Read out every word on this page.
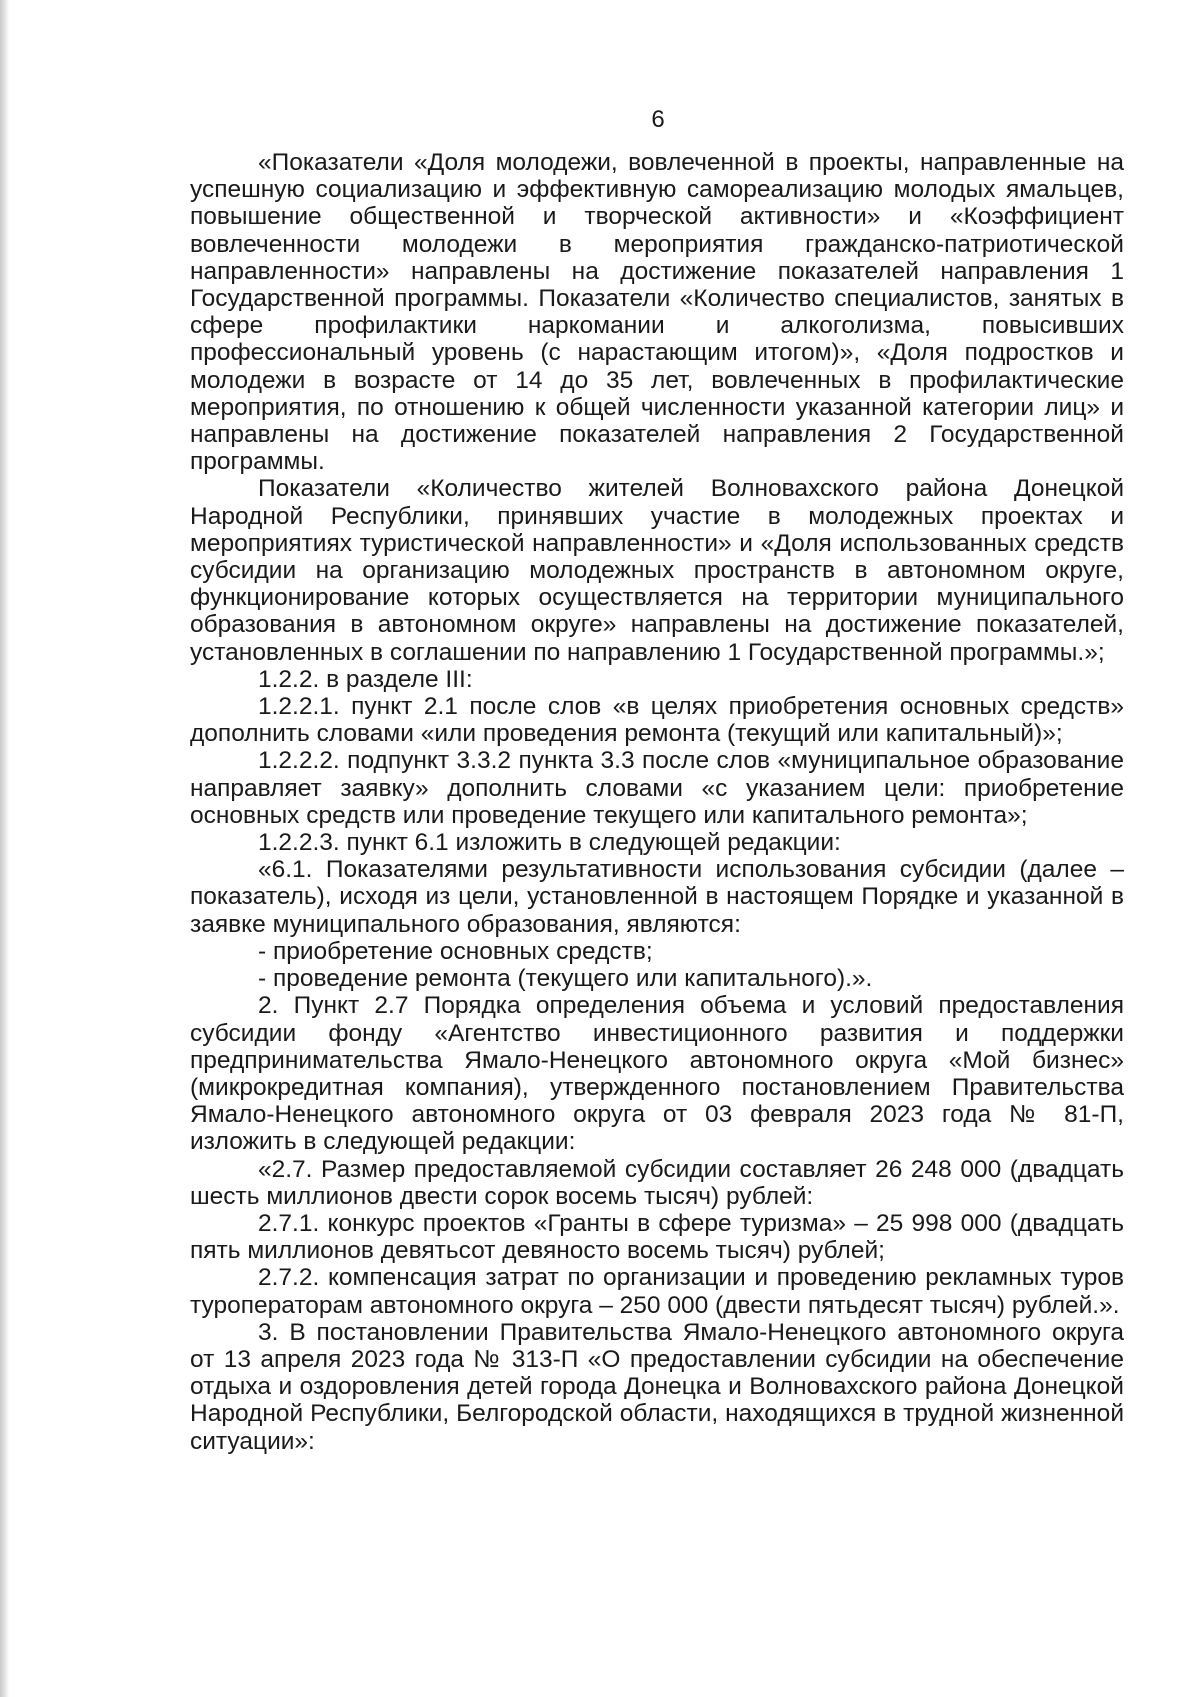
6

«Показатели «Доля молодежи, вовлеченной в проекты, направленные на успешную социализацию и эффективную самореализацию молодых ямальцев, повышение общественной и творческой активности» и «Коэффициент вовлеченности молодежи в мероприятия гражданско-патриотической направленности» направлены на достижение показателей направления 1 Государственной программы. Показатели «Количество специалистов, занятых в сфере профилактики наркомании и алкоголизма, повысивших профессиональный уровень (с нарастающим итогом)», «Доля подростков и молодежи в возрасте от 14 до 35 лет, вовлеченных в профилактические мероприятия, по отношению к общей численности указанной категории лиц» и направлены на достижение показателей направления 2 Государственной программы.

Показатели «Количество жителей Волновахского района Донецкой Народной Республики, принявших участие в молодежных проектах и мероприятиях туристической направленности» и «Доля использованных средств субсидии на организацию молодежных пространств в автономном округе, функционирование которых осуществляется на территории муниципального образования в автономном округе» направлены на достижение показателей, установленных в соглашении по направлению 1 Государственной программы.»;

1.2.2. в разделе III:

1.2.2.1. пункт 2.1 после слов «в целях приобретения основных средств» дополнить словами «или проведения ремонта (текущий или капитальный)»;

1.2.2.2. подпункт 3.3.2 пункта 3.3 после слов «муниципальное образование направляет заявку» дополнить словами «с указанием цели: приобретение основных средств или проведение текущего или капитального ремонта»;

1.2.2.3. пункт 6.1 изложить в следующей редакции:

«6.1. Показателями результативности использования субсидии (далее – показатель), исходя из цели, установленной в настоящем Порядке и указанной в заявке муниципального образования, являются:

- приобретение основных средств;

- проведение ремонта (текущего или капитального).».

2. Пункт 2.7 Порядка определения объема и условий предоставления субсидии фонду «Агентство инвестиционного развития и поддержки предпринимательства Ямало-Ненецкого автономного округа «Мой бизнес» (микрокредитная компания), утвержденного постановлением Правительства Ямало-Ненецкого автономного округа от 03 февраля 2023 года № 81-П, изложить в следующей редакции:

«2.7. Размер предоставляемой субсидии составляет 26 248 000 (двадцать шесть миллионов двести сорок восемь тысяч) рублей:

2.7.1. конкурс проектов «Гранты в сфере туризма» – 25 998 000 (двадцать пять миллионов девятьсот девяносто восемь тысяч) рублей;

2.7.2. компенсация затрат по организации и проведению рекламных туров туроператорам автономного округа – 250 000 (двести пятьдесят тысяч) рублей.».

3. В постановлении Правительства Ямало-Ненецкого автономного округа от 13 апреля 2023 года № 313-П «О предоставлении субсидии на обеспечение отдыха и оздоровления детей города Донецка и Волновахского района Донецкой Народной Республики, Белгородской области, находящихся в трудной жизненной ситуации»:
